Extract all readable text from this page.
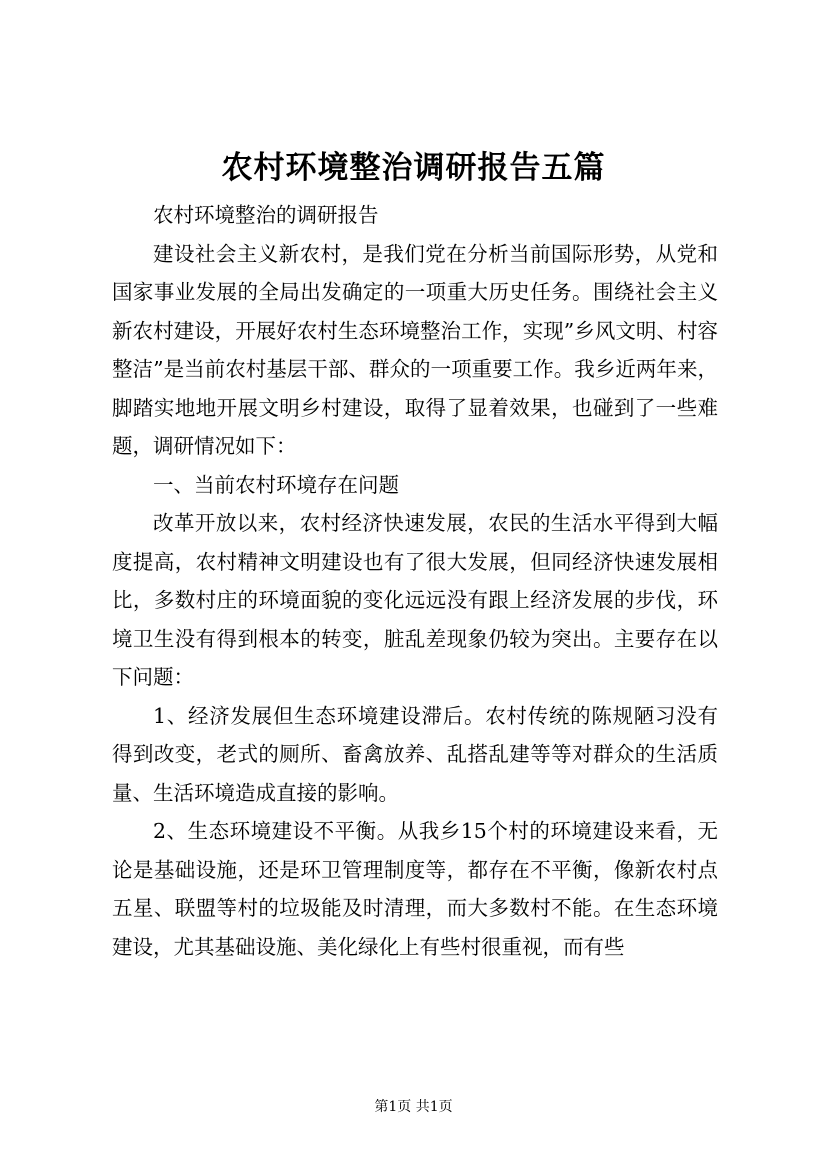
农村环境整治调研报告五篇

农村环境整治的调研报告

建设社会主义新农村，是我们党在分析当前国际形势，从党和国家事业发展的全局出发确定的一项重大历史任务。围绕社会主义新农村建设，开展好农村生态环境整治工作，实现”乡风文明、村容整洁”是当前农村基层干部、群众的一项重要工作。我乡近两年来，脚踏实地地开展文明乡村建设，取得了显着效果，也碰到了一些难题，调研情况如下：

一、当前农村环境存在问题

改革开放以来，农村经济快速发展，农民的生活水平得到大幅度提高，农村精神文明建设也有了很大发展，但同经济快速发展相比，多数村庄的环境面貌的变化远远没有跟上经济发展的步伐，环境卫生没有得到根本的转变，脏乱差现象仍较为突出。主要存在以下问题：

1、经济发展但生态环境建设滞后。农村传统的陈规陋习没有得到改变，老式的厕所、畜禽放养、乱搭乱建等等对群众的生活质量、生活环境造成直接的影响。

2、生态环境建设不平衡。从我乡15个村的环境建设来看，无论是基础设施，还是环卫管理制度等，都存在不平衡，像新农村点五星、联盟等村的垃圾能及时清理，而大多数村不能。在生态环境建设，尤其基础设施、美化绿化上有些村很重视，而有些

第1页 共1页
